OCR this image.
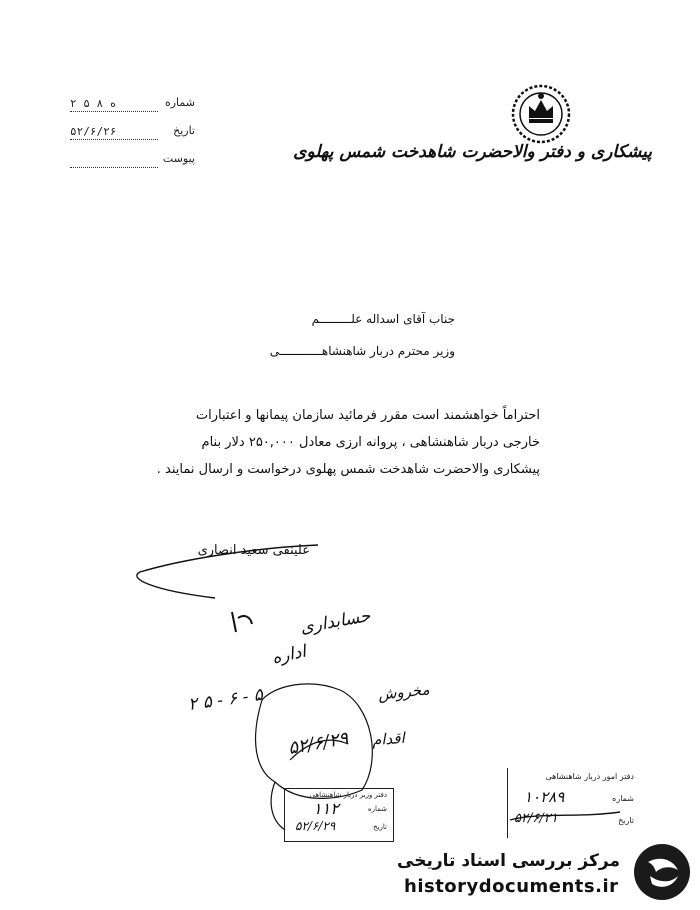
پیشکاری و دفتر والاحضرت شاهدخت شمس پهلوی
شماره
۲ ۵ ۸ ه
تاریخ
۵۲/۶/۲۶
پیوست
جناب آقای اسداله علـــــــــم
وزیر محترم دربار شاهنشاهــــــــــــی
احتراماً خواهشمند است مقرر فرمائید سازمان پیمانها و اعتبارات
خارجی دربار شاهنشاهی ، پروانه ارزی معادل ۲۵۰,۰۰۰ دلار بنام
پیشکاری والاحضرت شاهدخت شمس پهلوی درخواست و ارسال نمایند .
علینقی سعید انصاری
حسابداری
اداره
۲ ۵ - ۶ - ۵	مخروش
اقدام
۵۲/۶/۲۹
دفتر وزیر دربار شاهنشاهی
شماره
تاریخ
۱۱۲
۵۲/۶/۲۹
دفتر امور دربار شاهنشاهی
شماره
تاریخ
۱۰۲۸۹
۵۲/۶/۲۱
مرکز بررسی اسناد تاریخی
historydocuments.ir
